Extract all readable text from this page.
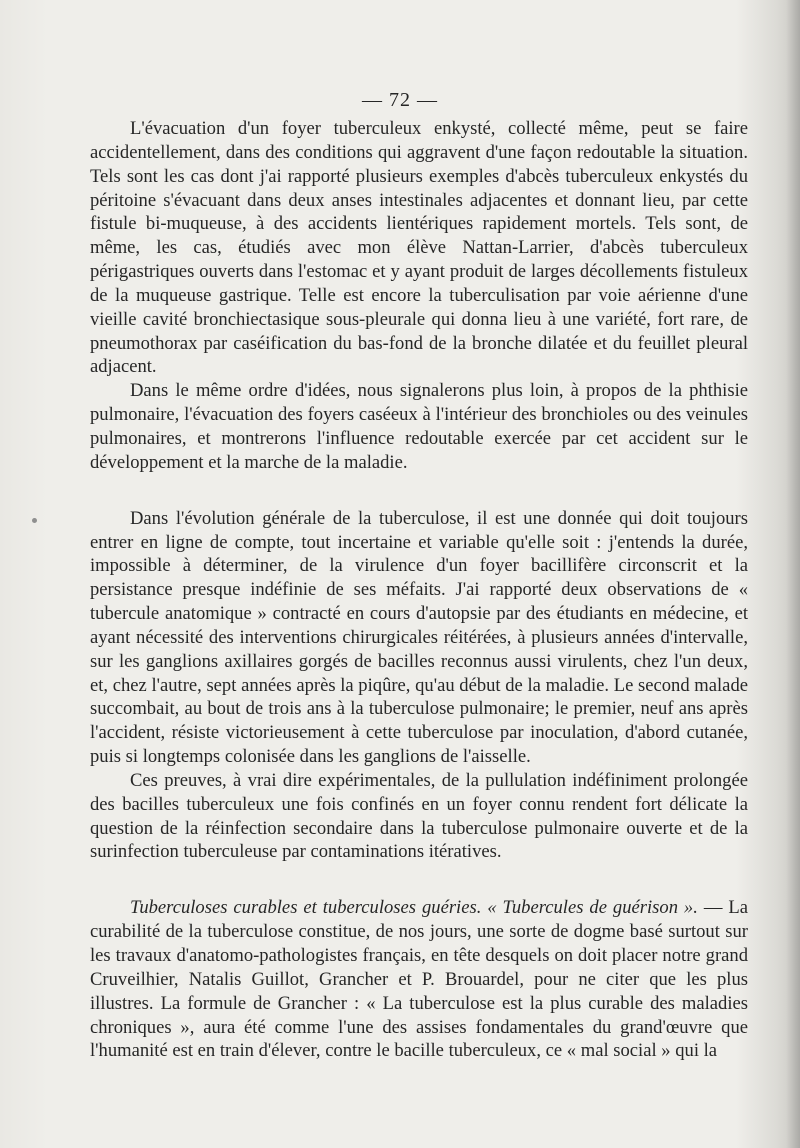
— 72 —

L'évacuation d'un foyer tuberculeux enkysté, collecté même, peut se faire accidentellement, dans des conditions qui aggravent d'une façon redoutable la situation. Tels sont les cas dont j'ai rapporté plusieurs exemples d'abcès tuberculeux enkystés du péritoine s'évacuant dans deux anses intestinales adjacentes et donnant lieu, par cette fistule bi-muqueuse, à des accidents lientériques rapidement mortels. Tels sont, de même, les cas, étudiés avec mon élève Nattan-Larrier, d'abcès tuberculeux périgastriques ouverts dans l'estomac et y ayant produit de larges décollements fistuleux de la muqueuse gastrique. Telle est encore la tuberculisation par voie aérienne d'une vieille cavité bronchiectasique sous-pleurale qui donna lieu à une variété, fort rare, de pneumothorax par caséification du bas-fond de la bronche dilatée et du feuillet pleural adjacent.

Dans le même ordre d'idées, nous signalerons plus loin, à propos de la phthisie pulmonaire, l'évacuation des foyers caséeux à l'intérieur des bronchioles ou des veinules pulmonaires, et montrerons l'influence redoutable exercée par cet accident sur le développement et la marche de la maladie.

Dans l'évolution générale de la tuberculose, il est une donnée qui doit toujours entrer en ligne de compte, tout incertaine et variable qu'elle soit : j'entends la durée, impossible à déterminer, de la virulence d'un foyer bacillifère circonscrit et la persistance presque indéfinie de ses méfaits. J'ai rapporté deux observations de « tubercule anatomique » contracté en cours d'autopsie par des étudiants en médecine, et ayant nécessité des interventions chirurgicales réitérées, à plusieurs années d'intervalle, sur les ganglions axillaires gorgés de bacilles reconnus aussi virulents, chez l'un deux, et, chez l'autre, sept années après la piqûre, qu'au début de la maladie. Le second malade succombait, au bout de trois ans à la tuberculose pulmonaire; le premier, neuf ans après l'accident, résiste victorieusement à cette tuberculose par inoculation, d'abord cutanée, puis si longtemps colonisée dans les ganglions de l'aisselle.

Ces preuves, à vrai dire expérimentales, de la pullulation indéfiniment prolongée des bacilles tuberculeux une fois confinés en un foyer connu rendent fort délicate la question de la réinfection secondaire dans la tuberculose pulmonaire ouverte et de la surinfection tuberculeuse par contaminations itératives.

Tuberculoses curables et tuberculoses guéries. « Tubercules de guérison ». — La curabilité de la tuberculose constitue, de nos jours, une sorte de dogme basé surtout sur les travaux d'anatomo-pathologistes français, en tête desquels on doit placer notre grand Cruveilhier, Natalis Guillot, Grancher et P. Brouardel, pour ne citer que les plus illustres. La formule de Grancher : « La tuberculose est la plus curable des maladies chroniques », aura été comme l'une des assises fondamentales du grand'œuvre que l'humanité est en train d'élever, contre le bacille tuberculeux, ce « mal social » qui la
